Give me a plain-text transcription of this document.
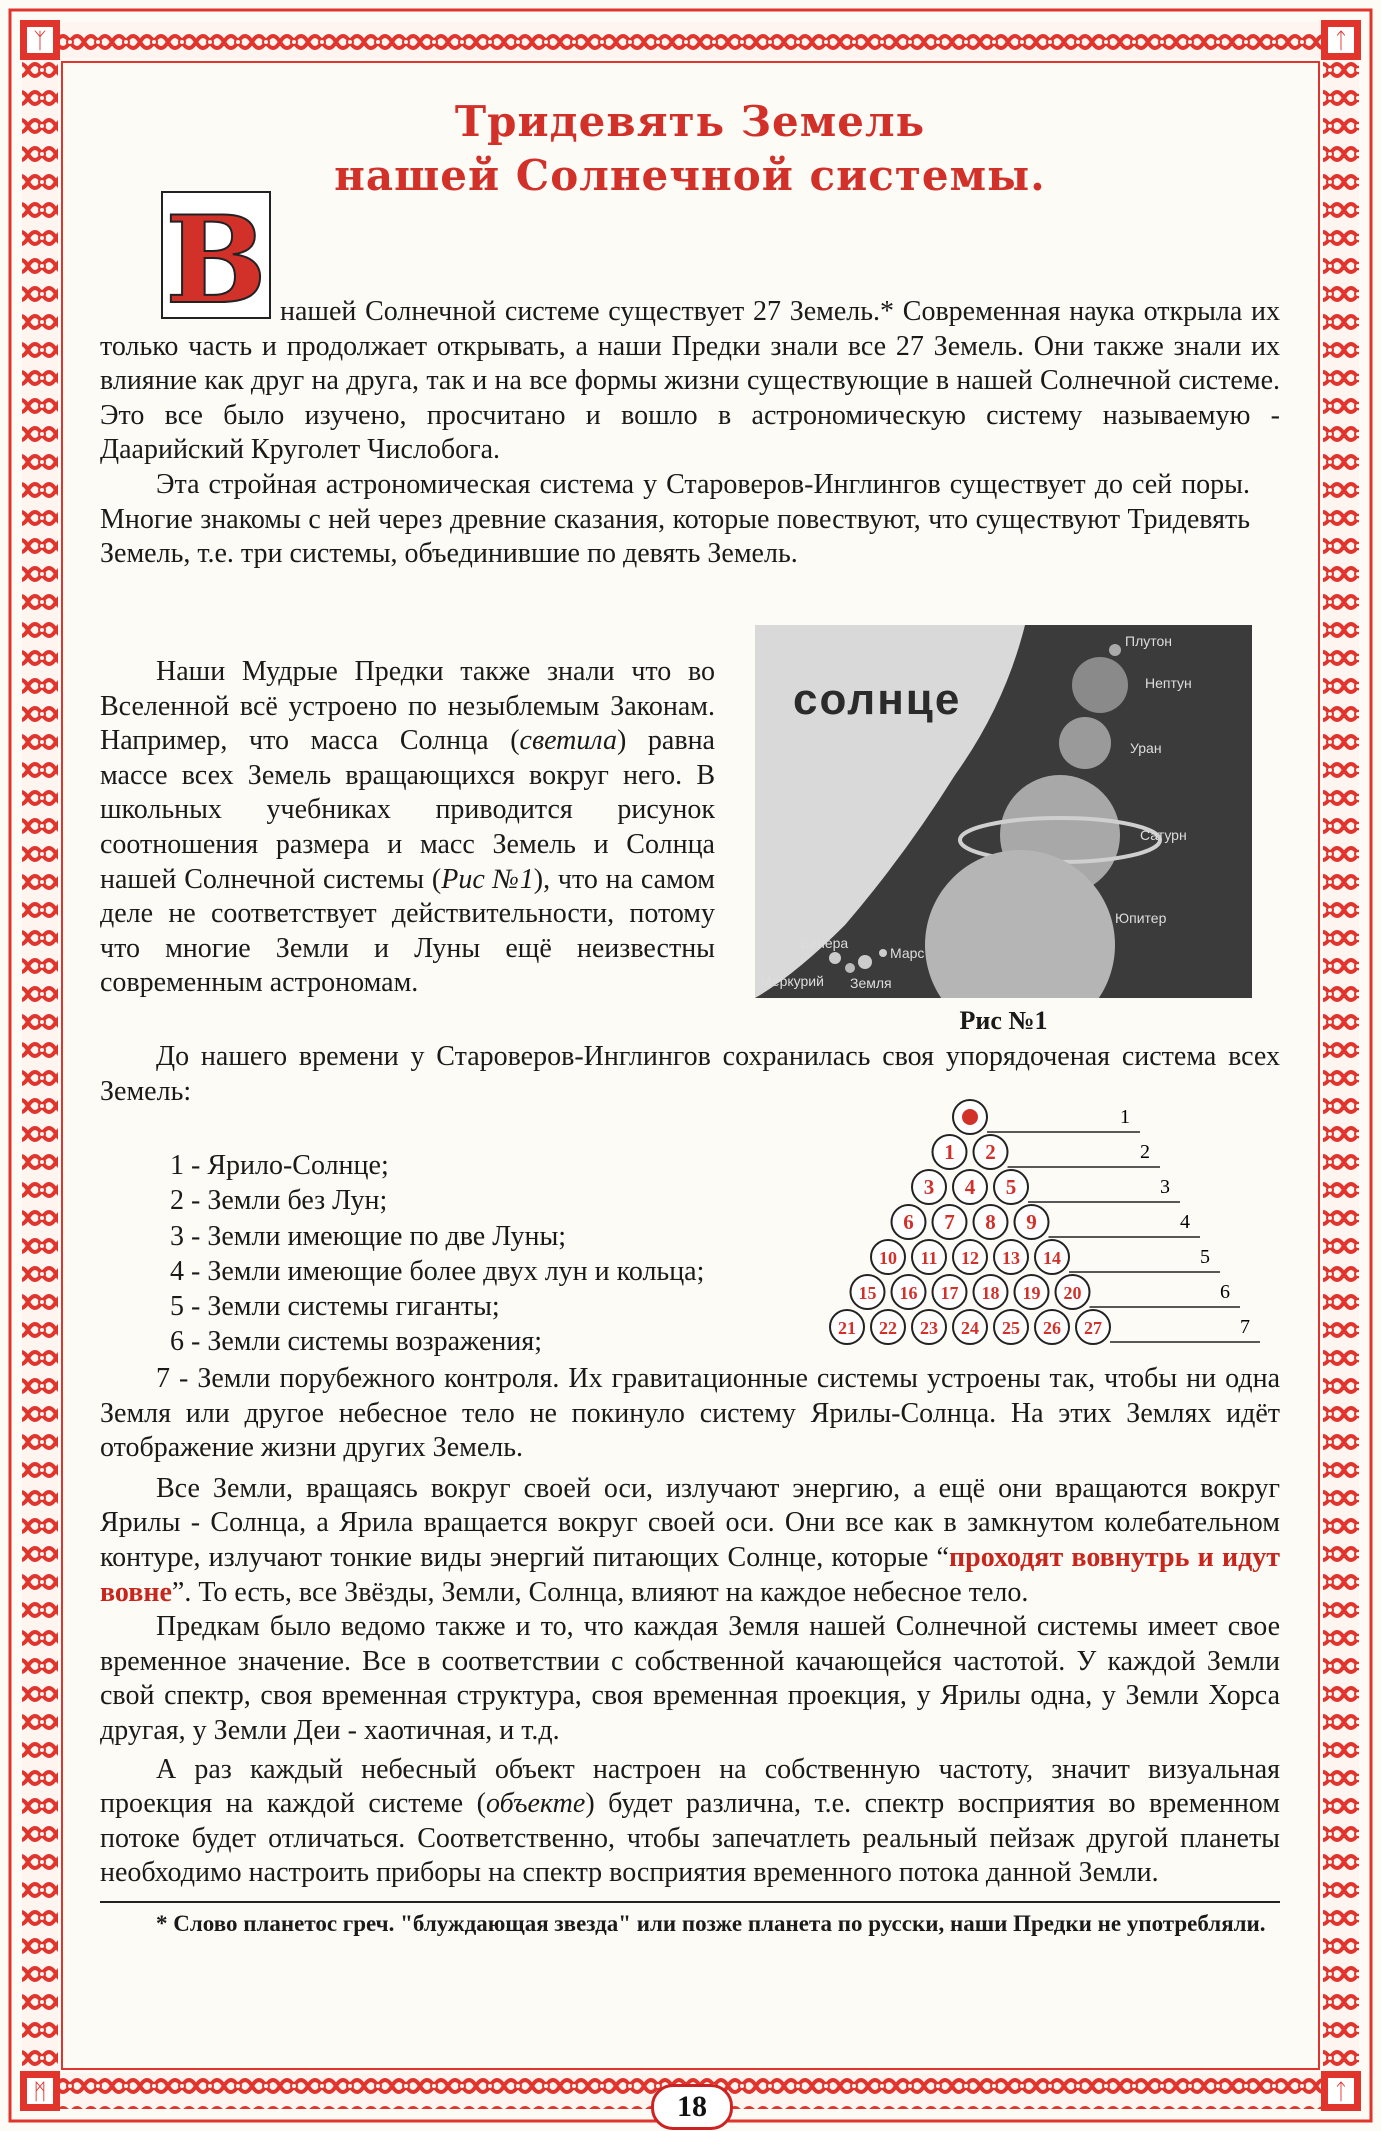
ᛉ	ᛏ
ᛗ	ᛏ
Тридевять Земель
нашей Солнечной системы.
В нашей Солнечной системе существует 27 Земель.* Современная наука открыла их только часть и продолжает открывать, а наши Предки знали все 27 Земель. Они также знали их влияние как друг на друга, так и на все формы жизни существующие в нашей Солнечной системе. Это все было изучено, просчитано и вошло в астрономическую систему называемую - Даарийский Круголет Числобога.

Эта стройная астрономическая система у Староверов-Инглингов существует до сей поры. Многие знакомы с ней через древние сказания, которые повествуют, что существуют Тридевять Земель, т.е. три системы, объединившие по девять Земель.

Наши Мудрые Предки также знали что во Вселенной всё устроено по незыблемым Законам. Например, что масса Солнца (светила) равна массе всех Земель вращающихся вокруг него. В школьных учебниках приводится рисунок соотношения размера и масс Земель и Солнца нашей Солнечной системы (Рис №1), что на самом деле не соответствует действительности, потому что многие Земли и Луны ещё неизвестны современным астрономам.

солнце
Плутон
Нептун
Уран
Сатурн
Юпитер
Марс
Венера
Меркурий Земля
Рис №1

До нашего времени у Староверов-Инглингов сохранилась своя упорядоченая система всех Земель:

1 - Ярило-Солнце;
2 - Земли без Лун;
3 - Земли имеющие по две Луны;
4 - Земли имеющие более двух лун и кольца;
5 - Земли системы гиганты;
6 - Земли системы возражения;
1
2
1 2
3
3 4 5
4
6 7 8 9
5
10 11 12 13 14
6
15 16 17 18 19 20
7
21 22 23 24 25 26 27

7 - Земли порубежного контроля. Их гравитационные системы устроены так, чтобы ни одна Земля или другое небесное тело не покинуло систему Ярилы-Солнца. На этих Землях идёт отображение жизни других Земель.

Все Земли, вращаясь вокруг своей оси, излучают энергию, а ещё они вращаются вокруг Ярилы - Солнца, а Ярила вращается вокруг своей оси. Они все как в замкнутом колебательном контуре, излучают тонкие виды энергий питающих Солнце, которые “проходят вовнутрь и идут вовне”. То есть, все Звёзды, Земли, Солнца, влияют на каждое небесное тело.

Предкам было ведомо также и то, что каждая Земля нашей Солнечной системы имеет свое временное значение. Все в соответствии с собственной качающейся частотой. У каждой Земли свой спектр, своя временная структура, своя временная проекция, у Ярилы одна, у Земли Хорса другая, у Земли Деи - хаотичная, и т.д.

А раз каждый небесный объект настроен на собственную частоту, значит визуальная проекция на каждой системе (объекте) будет различна, т.е. спектр восприятия во временном потоке будет отличаться. Соответственно, чтобы запечатлеть реальный пейзаж другой планеты необходимо настроить приборы на спектр восприятия временного потока данной Земли.

* Слово планетос греч. "блуждающая звезда" или позже планета по русски, наши Предки не употребляли.

18
